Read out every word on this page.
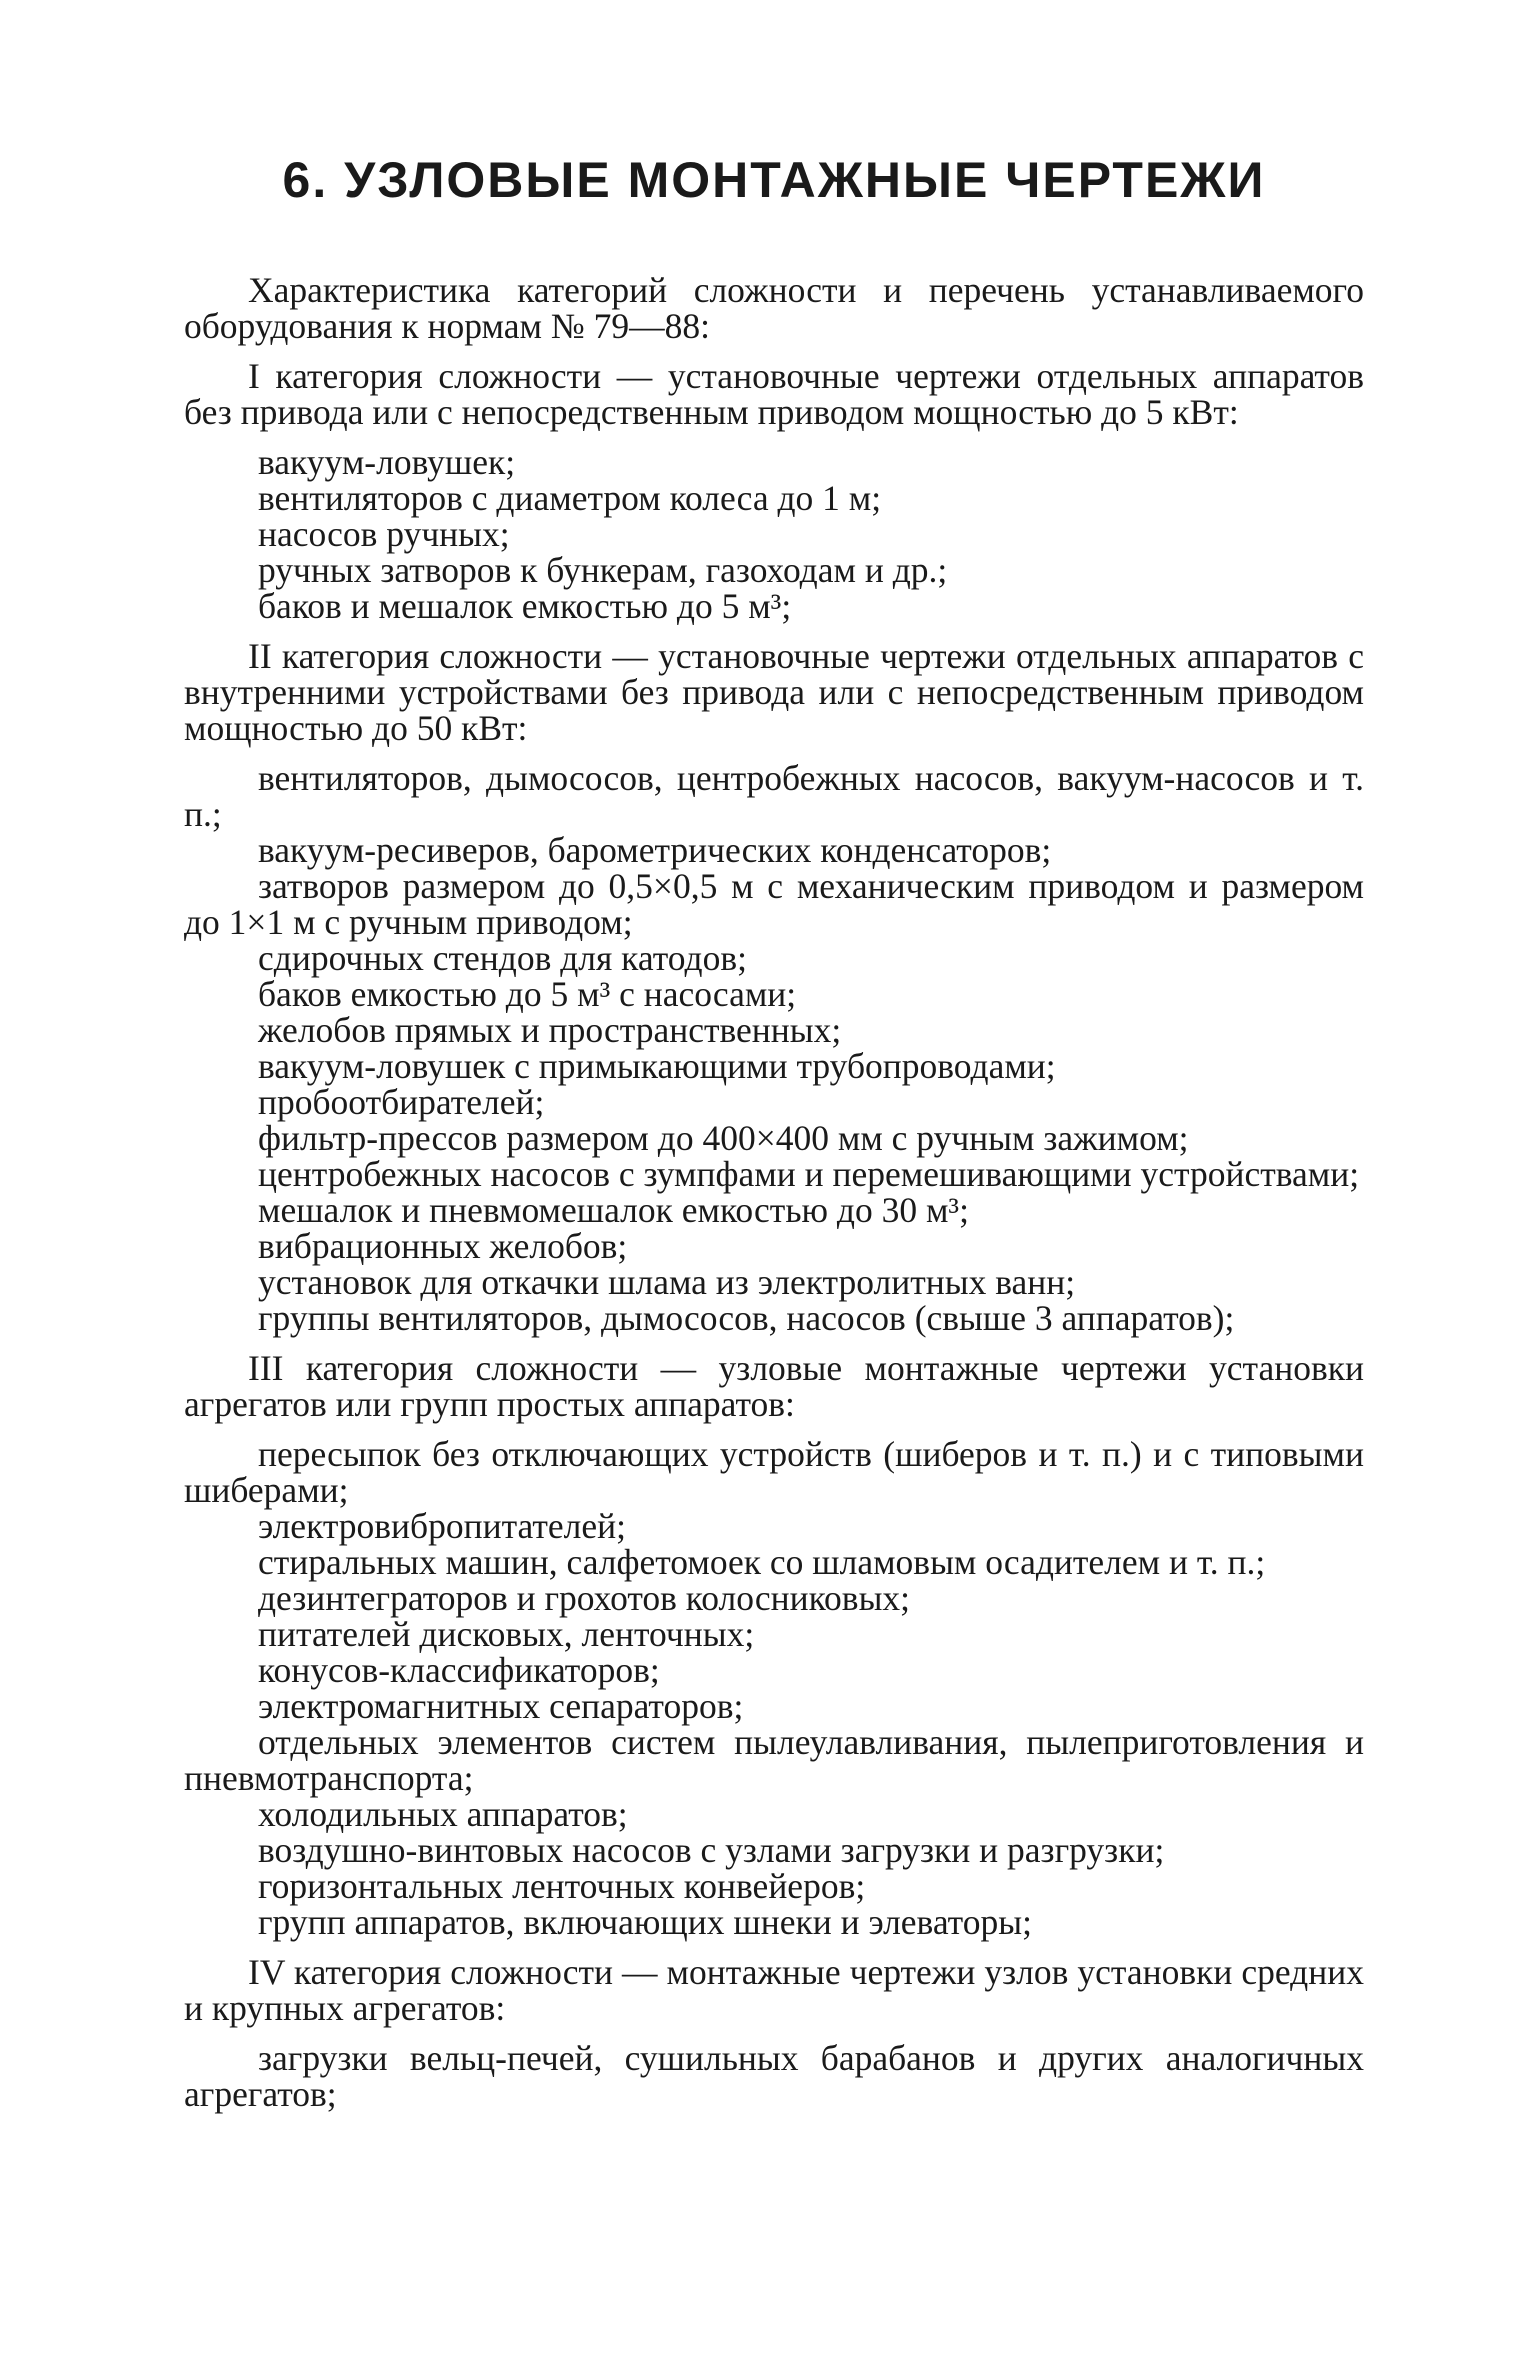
6. УЗЛОВЫЕ МОНТАЖНЫЕ ЧЕРТЕЖИ

Характеристика категорий сложности и перечень устанавливаемого оборудования к нормам № 79—88:

I категория сложности — установочные чертежи отдельных аппаратов без привода или с непосредственным приводом мощностью до 5 кВт:

вакуум-ловушек;

вентиляторов с диаметром колеса до 1 м;

насосов ручных;

ручных затворов к бункерам, газоходам и др.;

баков и мешалок емкостью до 5 м³;

II категория сложности — установочные чертежи отдельных аппаратов с внутренними устройствами без привода или с непосредственным приводом мощностью до 50 кВт:

вентиляторов, дымососов, центробежных насосов, вакуум-насосов и т. п.;

вакуум-ресиверов, барометрических конденсаторов;

затворов размером до 0,5×0,5 м с механическим приводом и размером до 1×1 м с ручным приводом;

сдирочных стендов для катодов;

баков емкостью до 5 м³ с насосами;

желобов прямых и пространственных;

вакуум-ловушек с примыкающими трубопроводами;

пробоотбирателей;

фильтр-прессов размером до 400×400 мм с ручным зажимом;

центробежных насосов с зумпфами и перемешивающими устройствами;

мешалок и пневмомешалок емкостью до 30 м³;

вибрационных желобов;

установок для откачки шлама из электролитных ванн;

группы вентиляторов, дымососов, насосов (свыше 3 аппаратов);

III категория сложности — узловые монтажные чертежи установки агрегатов или групп простых аппаратов:

пересыпок без отключающих устройств (шиберов и т. п.) и с типовыми шиберами;

электровибропитателей;

стиральных машин, салфетомоек со шламовым осадителем и т. п.;

дезинтеграторов и грохотов колосниковых;

питателей дисковых, ленточных;

конусов-классификаторов;

электромагнитных сепараторов;

отдельных элементов систем пылеулавливания, пылеприготовления и пневмотранспорта;

холодильных аппаратов;

воздушно-винтовых насосов с узлами загрузки и разгрузки;

горизонтальных ленточных конвейеров;

групп аппаратов, включающих шнеки и элеваторы;

IV категория сложности — монтажные чертежи узлов установки средних и крупных агрегатов:

загрузки вельц-печей, сушильных барабанов и других аналогичных агрегатов;
